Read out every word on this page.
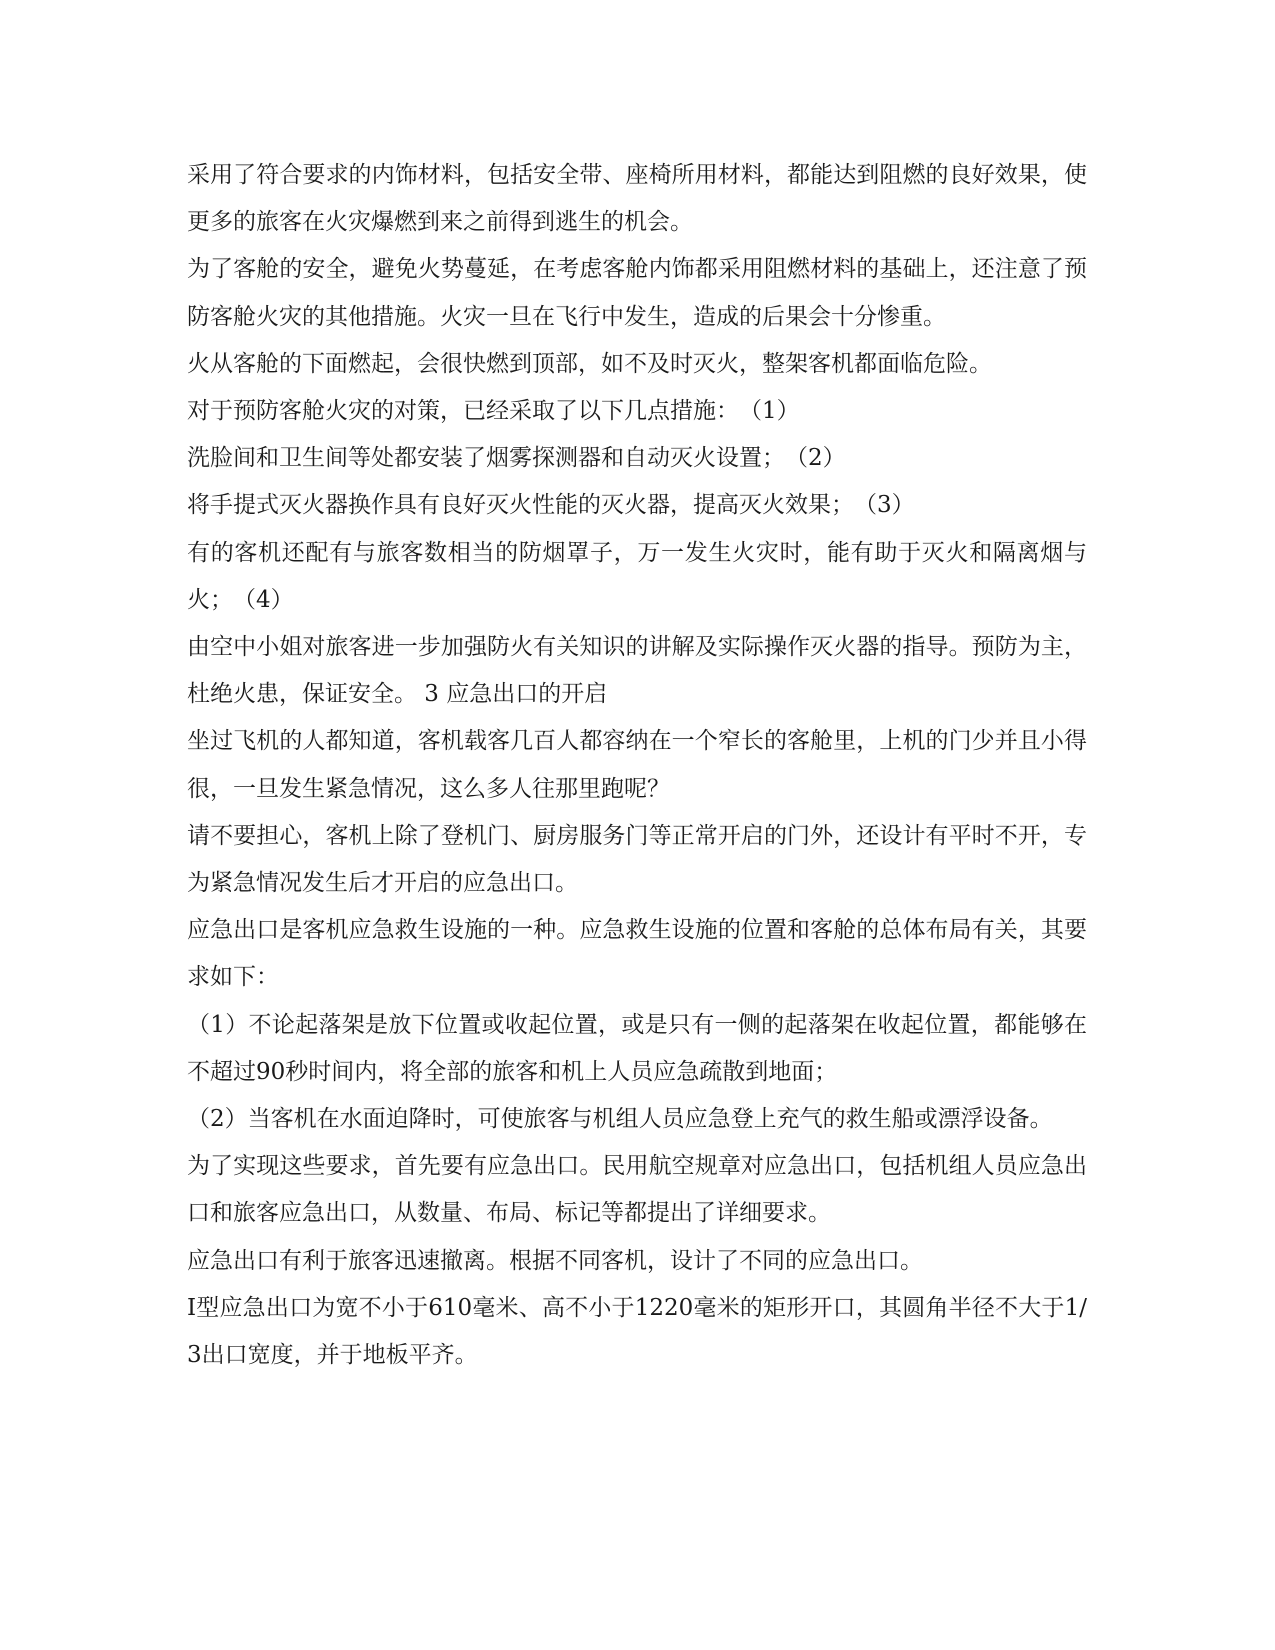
采用了符合要求的内饰材料，包括安全带、座椅所用材料，都能达到阻燃的良好效果，使更多的旅客在火灾爆燃到来之前得到逃生的机会。

为了客舱的安全，避免火势蔓延，在考虑客舱内饰都采用阻燃材料的基础上，还注意了预防客舱火灾的其他措施。火灾一旦在飞行中发生，造成的后果会十分惨重。

火从客舱的下面燃起，会很快燃到顶部，如不及时灭火，整架客机都面临危险。

对于预防客舱火灾的对策，已经采取了以下几点措施：　（1）

洗脸间和卫生间等处都安装了烟雾探测器和自动灭火设置；　（2）

将手提式灭火器换作具有良好灭火性能的灭火器，提高灭火效果；　（3）

有的客机还配有与旅客数相当的防烟罩子，万一发生火灾时，能有助于灭火和隔离烟与火；　（4）

由空中小姐对旅客进一步加强防火有关知识的讲解及实际操作灭火器的指导。预防为主，杜绝火患，保证安全。 3 应急出口的开启

坐过飞机的人都知道，客机载客几百人都容纳在一个窄长的客舱里，上机的门少并且小得很，一旦发生紧急情况，这么多人往那里跑呢？

请不要担心，客机上除了登机门、厨房服务门等正常开启的门外，还设计有平时不开，专为紧急情况发生后才开启的应急出口。

应急出口是客机应急救生设施的一种。应急救生设施的位置和客舱的总体布局有关，其要求如下：

（1）不论起落架是放下位置或收起位置，或是只有一侧的起落架在收起位置，都能够在不超过90秒时间内，将全部的旅客和机上人员应急疏散到地面；

（2）当客机在水面迫降时，可使旅客与机组人员应急登上充气的救生船或漂浮设备。

为了实现这些要求，首先要有应急出口。民用航空规章对应急出口，包括机组人员应急出口和旅客应急出口，从数量、布局、标记等都提出了详细要求。

应急出口有利于旅客迅速撤离。根据不同客机，设计了不同的应急出口。

I型应急出口为宽不小于610毫米、高不小于1220毫米的矩形开口，其圆角半径不大于1/3出口宽度，并于地板平齐。
